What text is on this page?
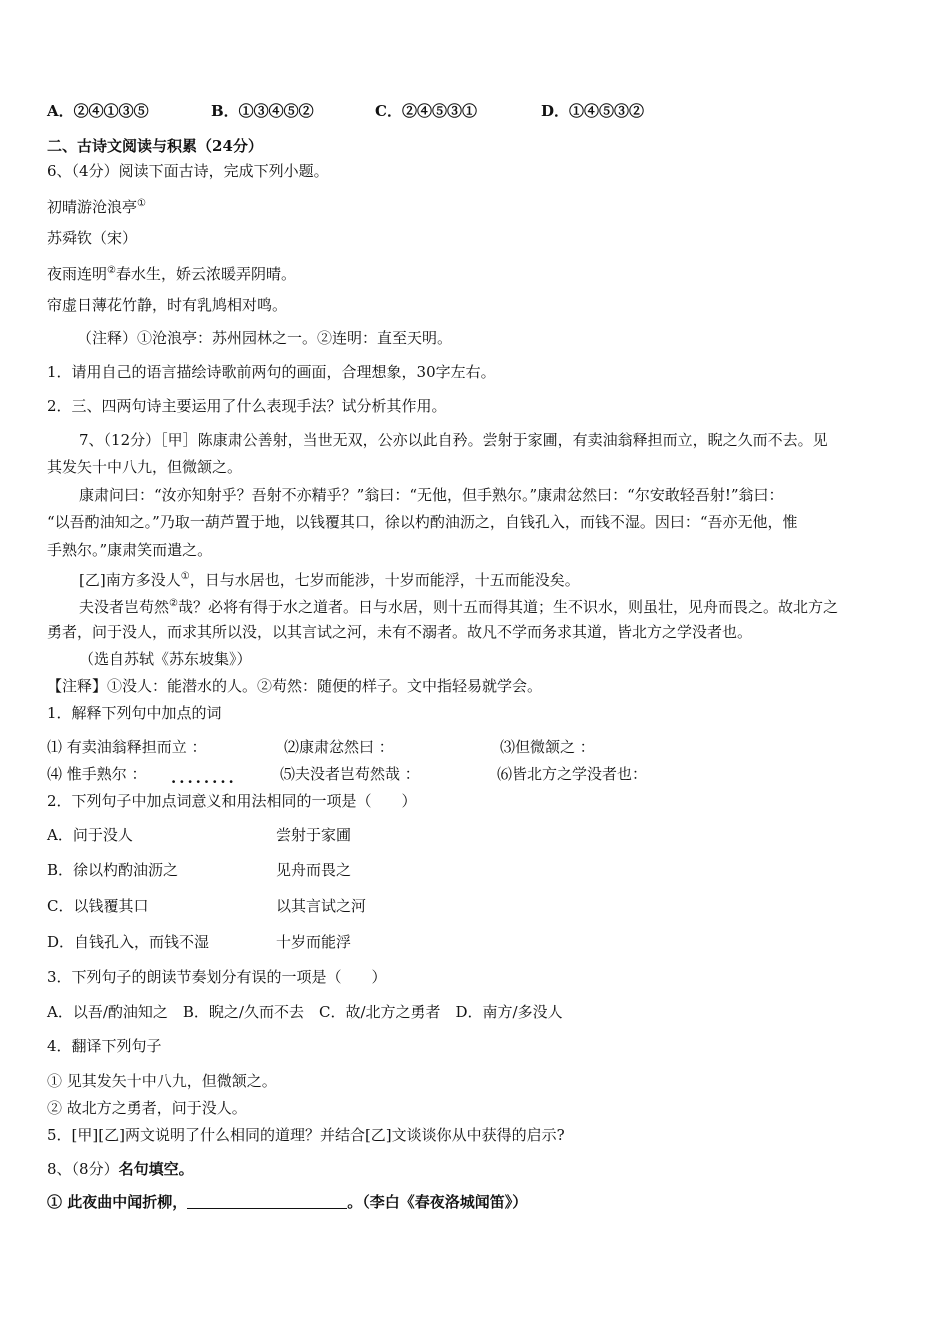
A．②④①③⑤	B．①③④⑤②	C．②④⑤③①	D．①④⑤③②
二、古诗文阅读与积累（24分）
6、（4分）阅读下面古诗，完成下列小题。
初晴游沧浪亭①
苏舜钦（宋）
夜雨连明②春水生，娇云浓暖弄阴晴。
帘虚日薄花竹静，时有乳鸠相对鸣。
（注释）①沧浪亭：苏州园林之一。②连明：直至天明。
1．请用自己的语言描绘诗歌前两句的画面，合理想象，30字左右。
2．三、四两句诗主要运用了什么表现手法？试分析其作用。
7、（12分）［甲］陈康肃公善射，当世无双，公亦以此自矜。尝射于家圃，有卖油翁释担而立，睨之久而不去。见
其发矢十中八九，但微颔之。
康肃问曰：“汝亦知射乎？吾射不亦精乎？”翁曰：“无他，但手熟尔。”康肃忿然曰：“尔安敢轻吾射!”翁曰：
“以吾酌油知之。”乃取一葫芦置于地，以钱覆其口，徐以杓酌油沥之，自钱孔入，而钱不湿。因曰：“吾亦无他，惟
手熟尔。”康肃笑而遣之。
[乙]南方多没人①，日与水居也，七岁而能涉，十岁而能浮，十五而能没矣。
夫没者岂苟然②哉？必将有得于水之道者。日与水居，则十五而得其道；生不识水，则虽壮，见舟而畏之。故北方之
勇者，问于没人，而求其所以没，以其言试之河，未有不溺者。故凡不学而务求其道，皆北方之学没者也。
（选自苏轼《苏东坡集》）
【注释】①没人：能潜水的人。②苟然：随便的样子。文中指轻易就学会。
1．解释下列句中加点的词
⑴ 有卖油翁释担而立 ：	⑵康肃忿然曰 ：	⑶但微颔之 ：
⑷ 惟手熟尔 ： ........	⑸夫没者岂苟然哉 ：	⑹皆北方之学没者也：
2．下列句子中加点词意义和用法相同的一项是（　　）
A．问于没人	尝射于家圃
B．徐以杓酌油沥之	见舟而畏之
C．以钱覆其口	以其言试之河
D．自钱孔入，而钱不湿	十岁而能浮
3．下列句子的朗读节奏划分有误的一项是（　　）
A．以吾/酌油知之　B．睨之/久而不去　C．故/北方之勇者　D．南方/多没人
4．翻译下列句子
① 见其发矢十中八九，但微颔之。
② 故北方之勇者，问于没人。
5．[甲][乙]两文说明了什么相同的道理？并结合[乙]文谈谈你从中获得的启示?
8、（8分）名句填空。
① 此夜曲中闻折柳，	。（李白《春夜洛城闻笛》）
